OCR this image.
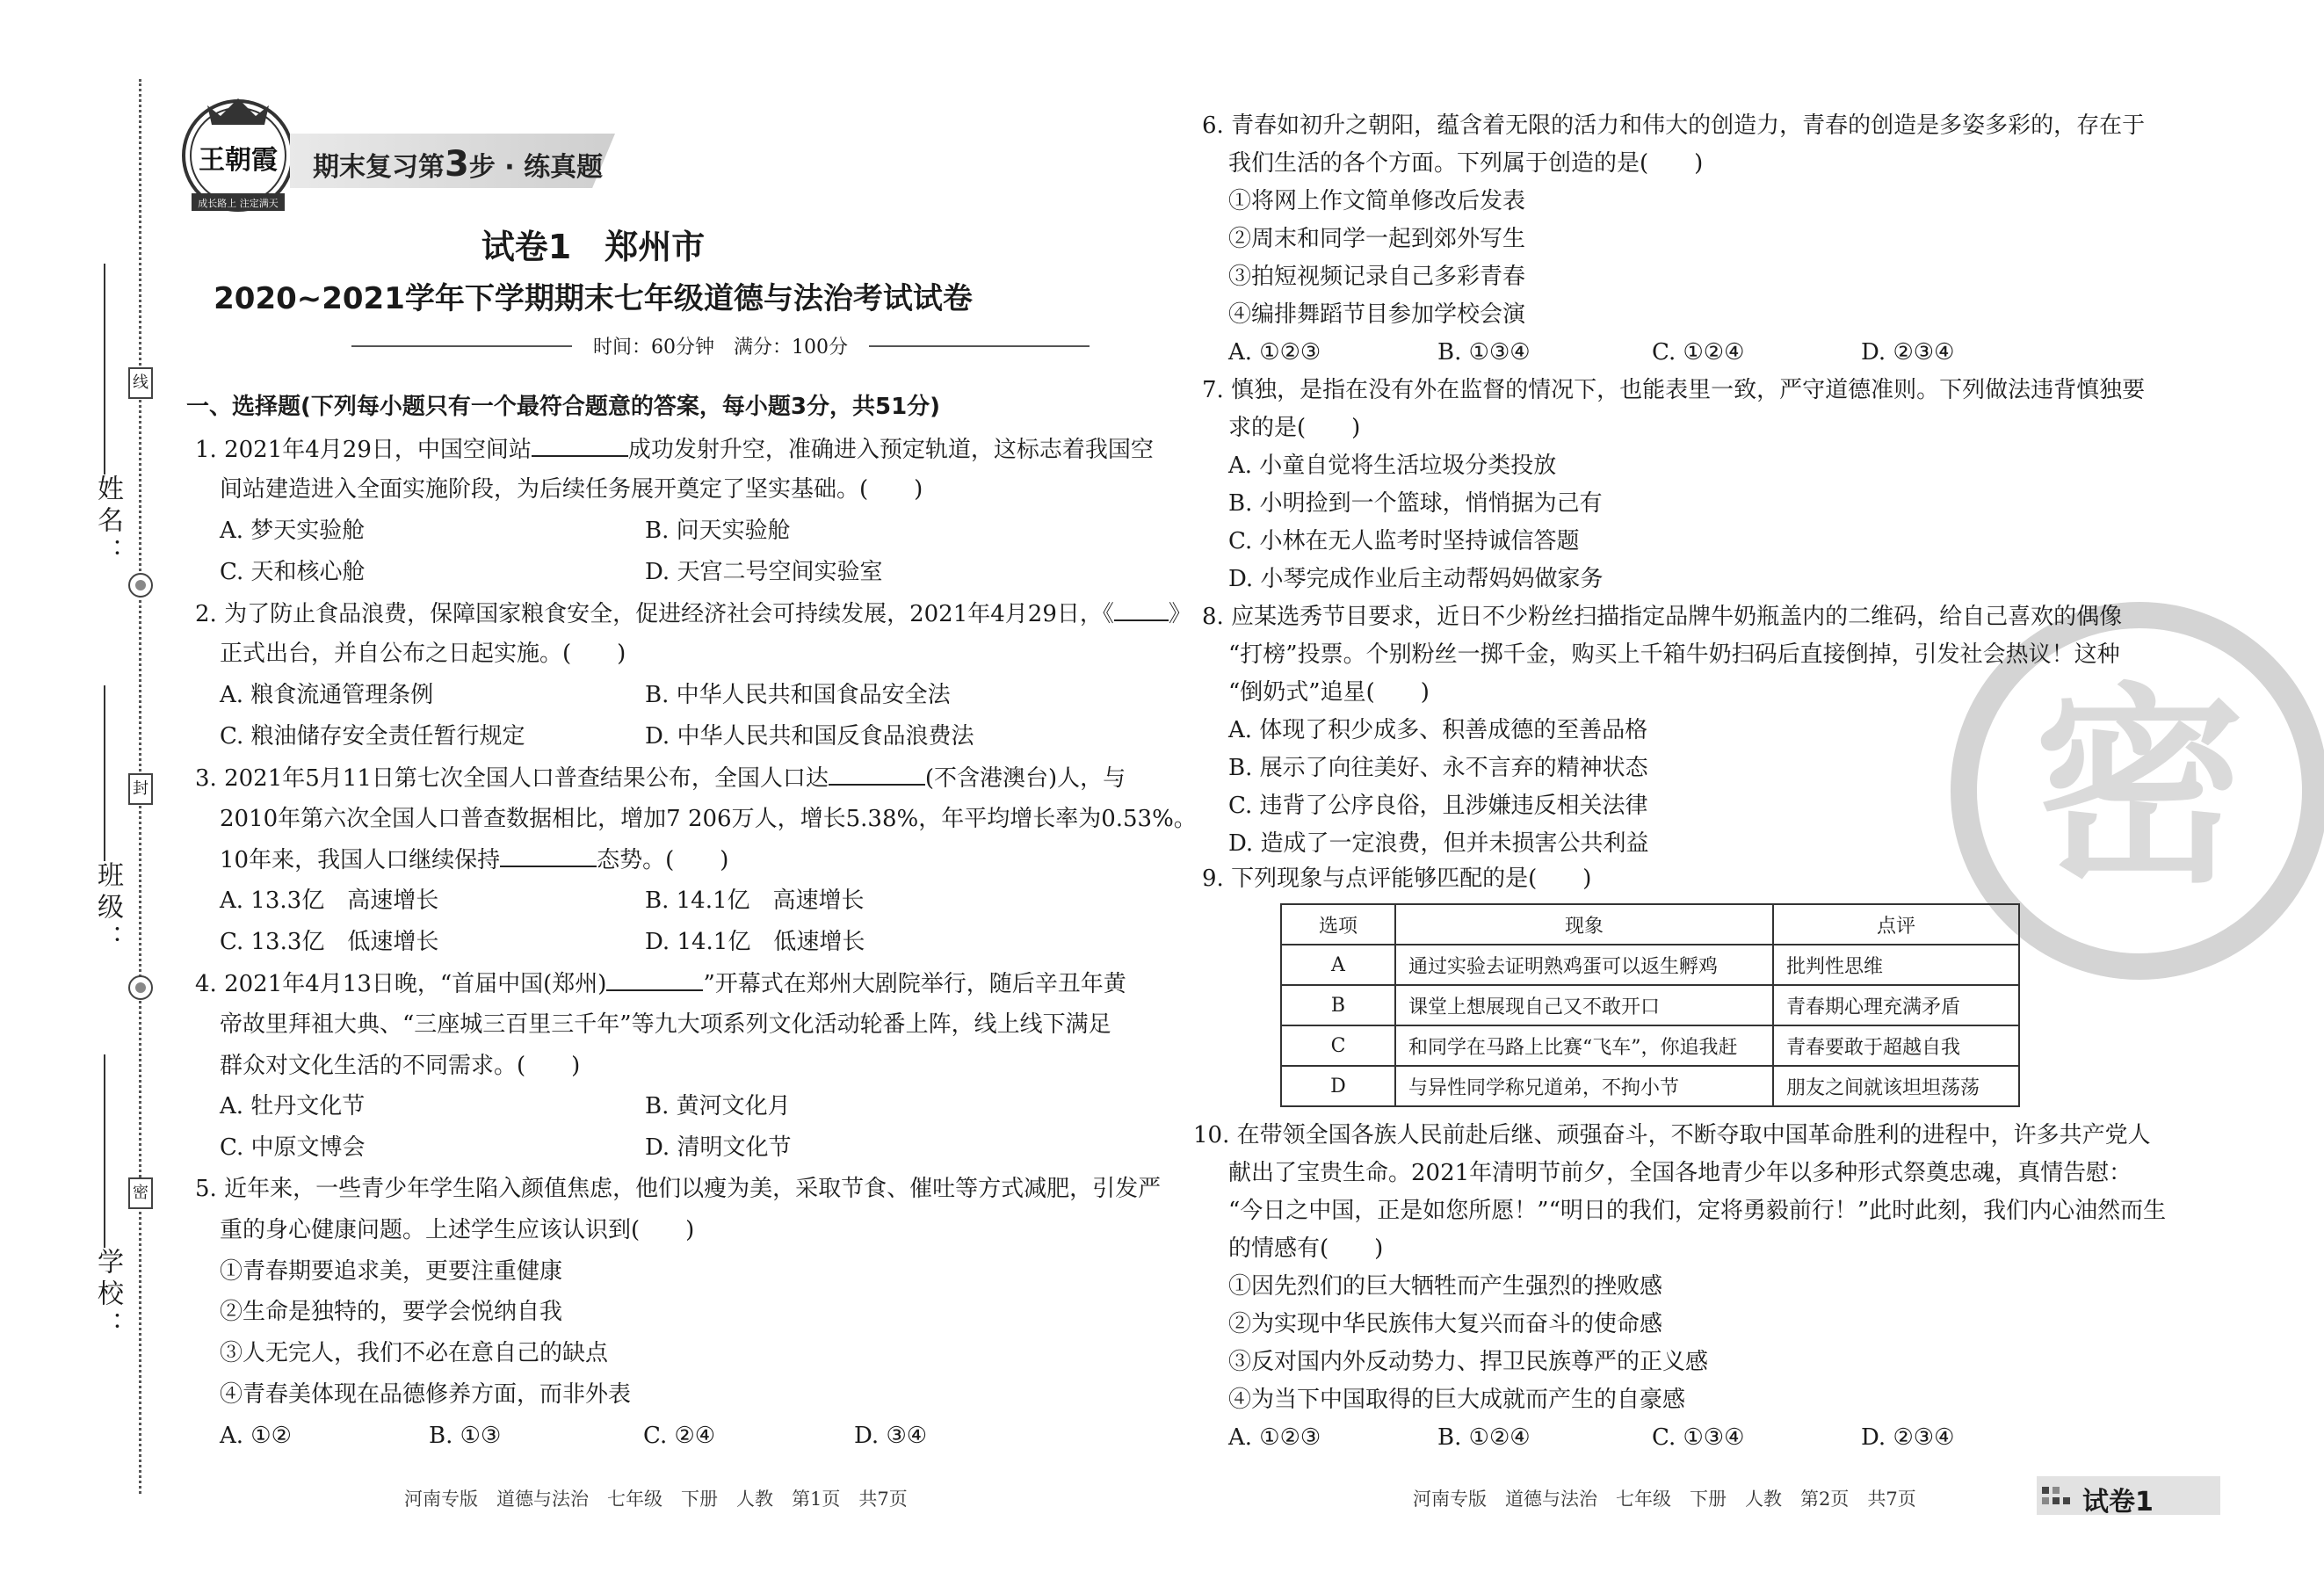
线
封
密
姓名：
班级：
学校：
王朝霞
成长路上 注定满天
期末复习第3步 · 练真题
试卷1　郑州市
2020~2021学年下学期期末七年级道德与法治考试试卷
时间：60分钟　满分：100分
一、选择题(下列每小题只有一个最符合题意的答案，每小题3分，共51分)
1. 2021年4月29日，中国空间站	成功发射升空，准确进入预定轨道，这标志着我国空
间站建造进入全面实施阶段，为后续任务展开奠定了坚实基础。(　　)
A. 梦天实验舱	B. 问天实验舱
C. 天和核心舱	D. 天宫二号空间实验室
2. 为了防止食品浪费，保障国家粮食安全，促进经济社会可持续发展，2021年4月29日，《 》
正式出台，并自公布之日起实施。(　　)
A. 粮食流通管理条例	B. 中华人民共和国食品安全法
C. 粮油储存安全责任暂行规定	D. 中华人民共和国反食品浪费法
3. 2021年5月11日第七次全国人口普查结果公布，全国人口达	(不含港澳台)人，与
2010年第六次全国人口普查数据相比，增加7 206万人，增长5.38%，年平均增长率为0.53%。
10年来，我国人口继续保持	态势。(　　)
A. 13.3亿　高速增长	B. 14.1亿　高速增长
C. 13.3亿　低速增长	D. 14.1亿　低速增长
4. 2021年4月13日晚，“首届中国(郑州)	”开幕式在郑州大剧院举行，随后辛丑年黄
帝故里拜祖大典、“三座城三百里三千年”等九大项系列文化活动轮番上阵，线上线下满足
群众对文化生活的不同需求。(　　)
A. 牡丹文化节	B. 黄河文化月
C. 中原文博会	D. 清明文化节
5. 近年来，一些青少年学生陷入颜值焦虑，他们以瘦为美，采取节食、催吐等方式减肥，引发严
重的身心健康问题。上述学生应该认识到(　　)
①青春期要追求美，更要注重健康
②生命是独特的，要学会悦纳自我
③人无完人，我们不必在意自己的缺点
④青春美体现在品德修养方面，而非外表
A. ①②	B. ①③	C. ②④	D. ③④
河南专版　道德与法治　七年级　下册　人教　第1页　共7页
密
6. 青春如初升之朝阳，蕴含着无限的活力和伟大的创造力，青春的创造是多姿多彩的，存在于
我们生活的各个方面。下列属于创造的是(　　)
①将网上作文简单修改后发表
②周末和同学一起到郊外写生
③拍短视频记录自己多彩青春
④编排舞蹈节目参加学校会演
A. ①②③	B. ①③④	C. ①②④	D. ②③④
7. 慎独，是指在没有外在监督的情况下，也能表里一致，严守道德准则。下列做法违背慎独要
求的是(　　)
A. 小童自觉将生活垃圾分类投放
B. 小明捡到一个篮球，悄悄据为己有
C. 小林在无人监考时坚持诚信答题
D. 小琴完成作业后主动帮妈妈做家务
8. 应某选秀节目要求，近日不少粉丝扫描指定品牌牛奶瓶盖内的二维码，给自己喜欢的偶像
“打榜”投票。个别粉丝一掷千金，购买上千箱牛奶扫码后直接倒掉，引发社会热议！这种
“倒奶式”追星(　　)
A. 体现了积少成多、积善成德的至善品格
B. 展示了向往美好、永不言弃的精神状态
C. 违背了公序良俗，且涉嫌违反相关法律
D. 造成了一定浪费，但并未损害公共利益
9. 下列现象与点评能够匹配的是(　　)
选项	现象	点评
A	通过实验去证明熟鸡蛋可以返生孵鸡	批判性思维
B	课堂上想展现自己又不敢开口	青春期心理充满矛盾
C	和同学在马路上比赛“飞车”，你追我赶	青春要敢于超越自我
D	与异性同学称兄道弟，不拘小节	朋友之间就该坦坦荡荡
10. 在带领全国各族人民前赴后继、顽强奋斗，不断夺取中国革命胜利的进程中，许多共产党人
献出了宝贵生命。2021年清明节前夕，全国各地青少年以多种形式祭奠忠魂，真情告慰：
“今日之中国，正是如您所愿！”“明日的我们，定将勇毅前行！”此时此刻，我们内心油然而生
的情感有(　　)
①因先烈们的巨大牺牲而产生强烈的挫败感
②为实现中华民族伟大复兴而奋斗的使命感
③反对国内外反动势力、捍卫民族尊严的正义感
④为当下中国取得的巨大成就而产生的自豪感
A. ①②③	B. ①②④	C. ①③④	D. ②③④
河南专版　道德与法治　七年级　下册　人教　第2页　共7页	试卷1
